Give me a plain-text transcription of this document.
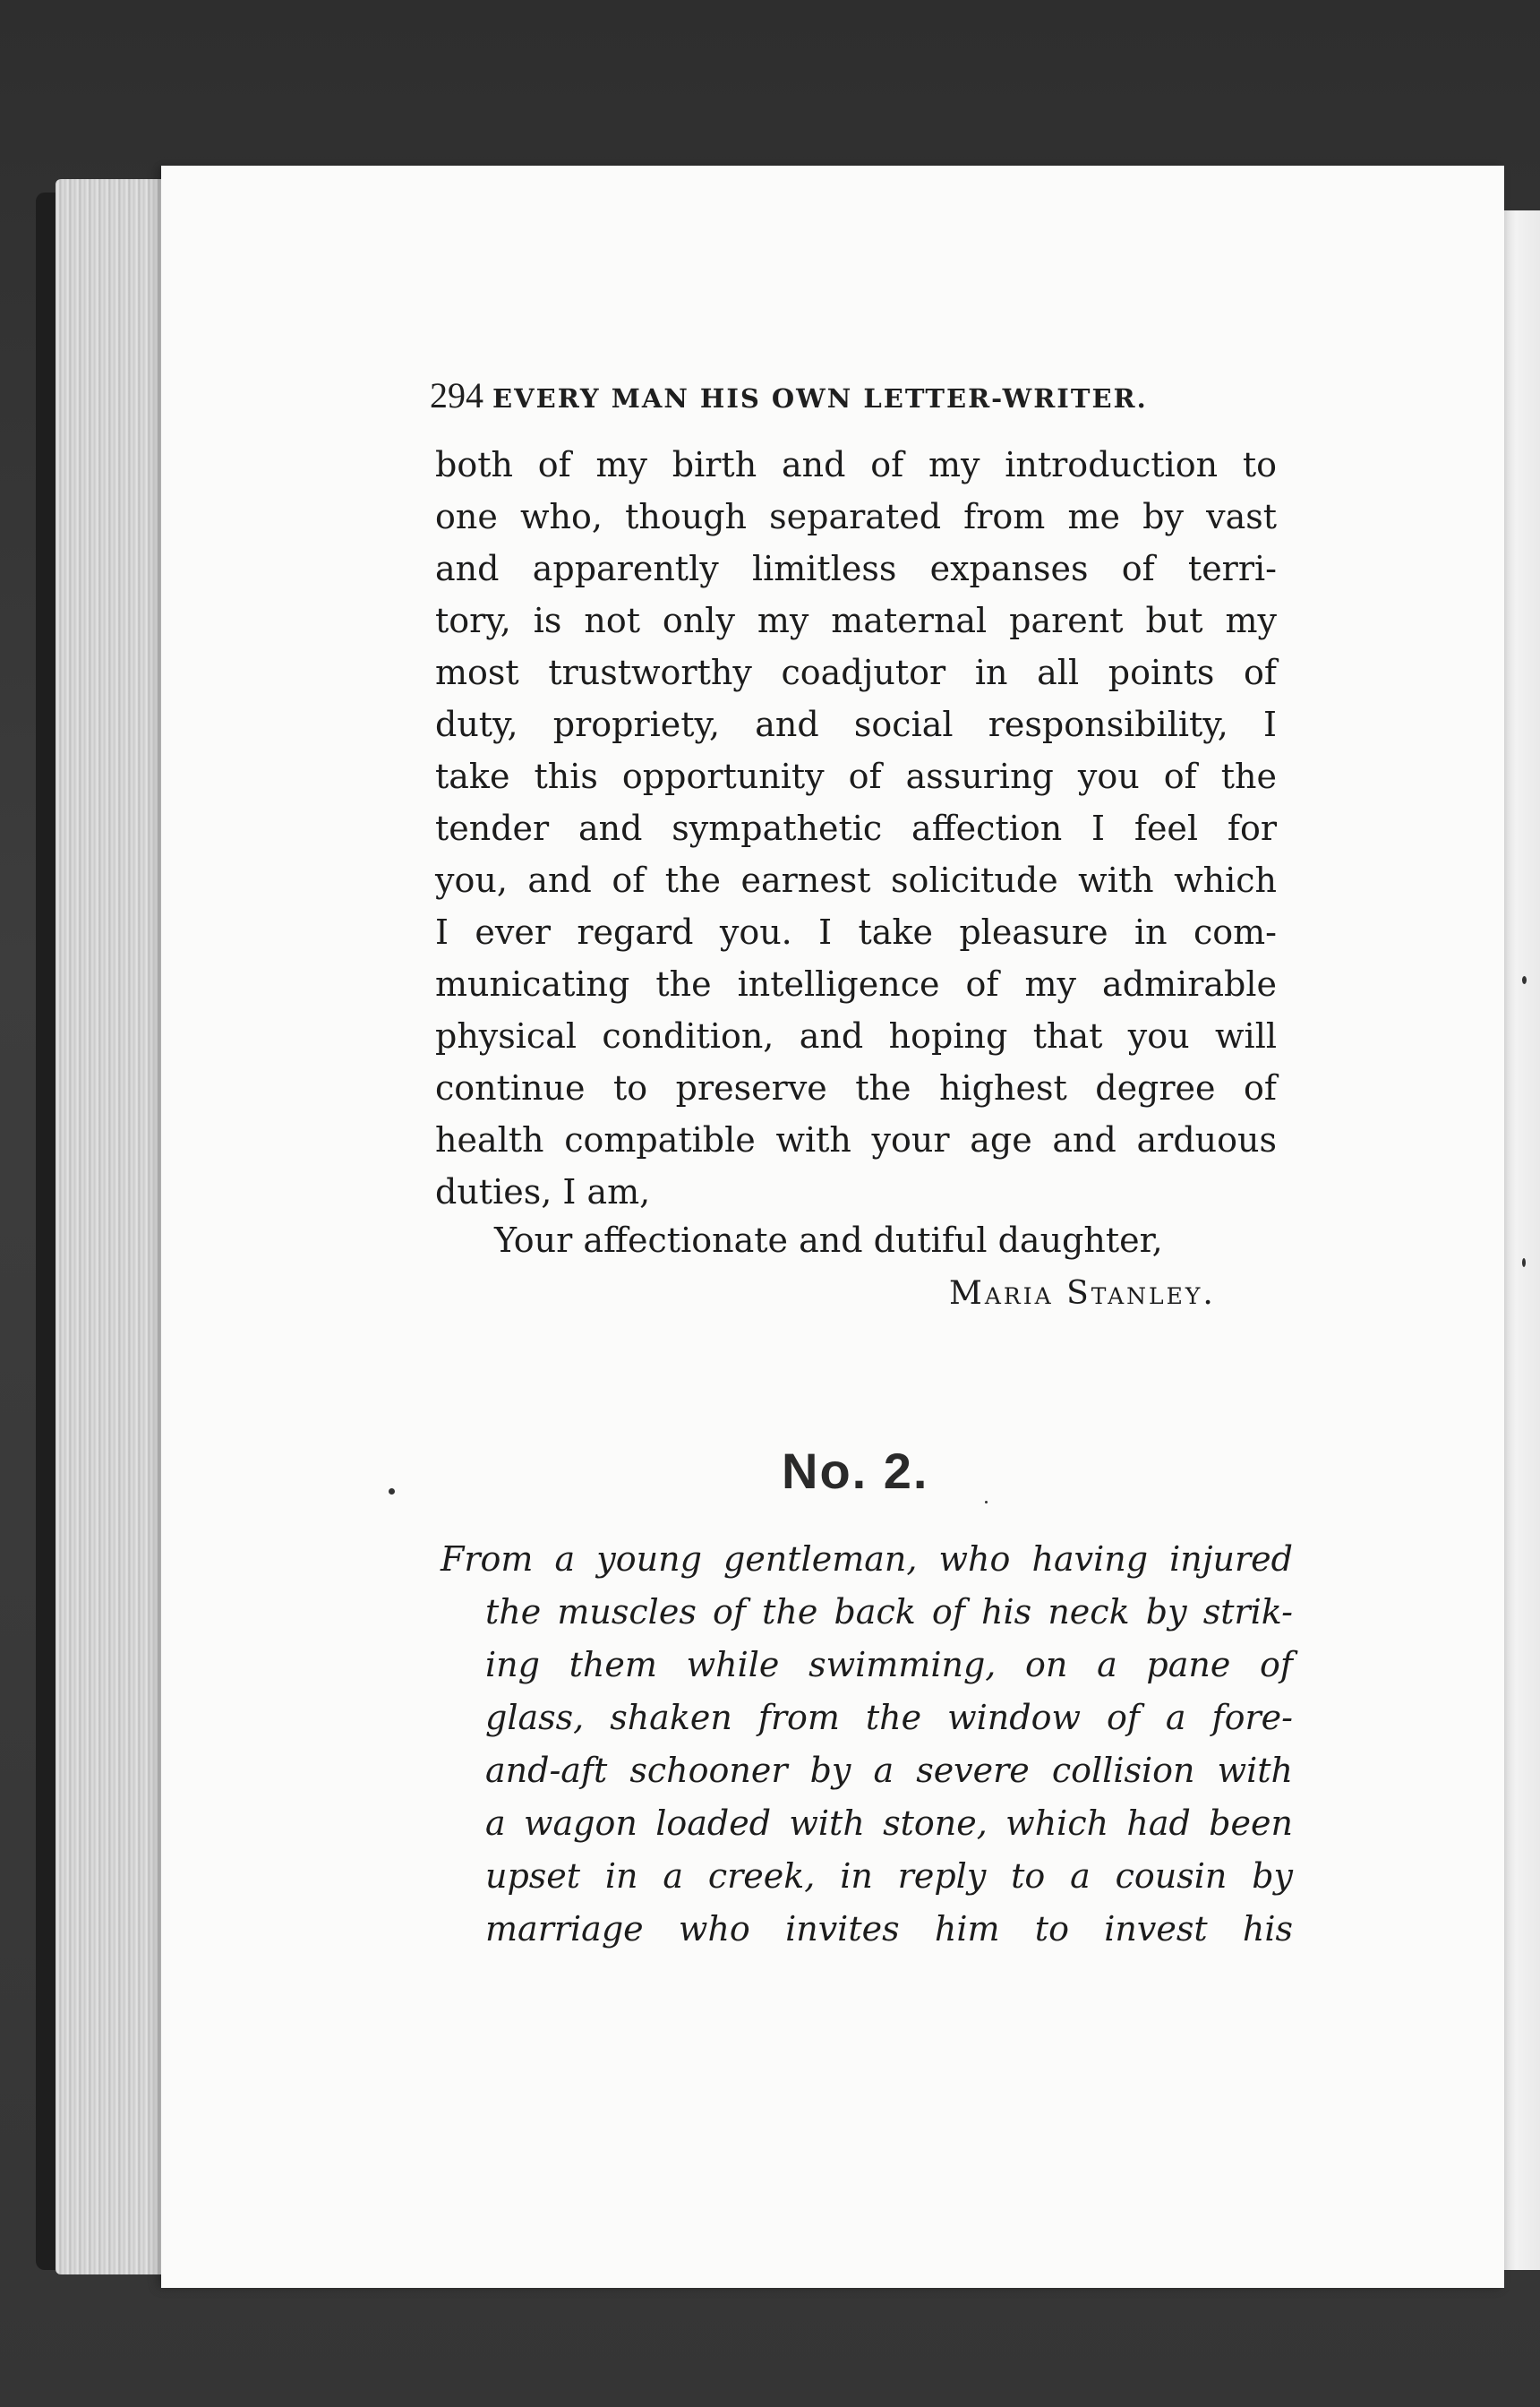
294 EVERY MAN HIS OWN LETTER-WRITER.
both of my birth and of my introduction to
one who, though separated from me by vast
and apparently limitless expanses of terri-
tory, is not only my maternal parent but my
most trustworthy coadjutor in all points of
duty, propriety, and social responsibility, I
take this opportunity of assuring you of the
tender and sympathetic affection I feel for
you, and of the earnest solicitude with which
I ever regard you. I take pleasure in com-
municating the intelligence of my admirable
physical condition, and hoping that you will
continue to preserve the highest degree of
health compatible with your age and arduous
duties, I am,
Your affectionate and dutiful daughter,
Maria Stanley.
No. 2.
From a young gentleman, who having injured
the muscles of the back of his neck by strik-
ing them while swimming, on a pane of
glass, shaken from the window of a fore-
and-aft schooner by a severe collision with
a wagon loaded with stone, which had been
upset in a creek, in reply to a cousin by
marriage who invites him to invest his
